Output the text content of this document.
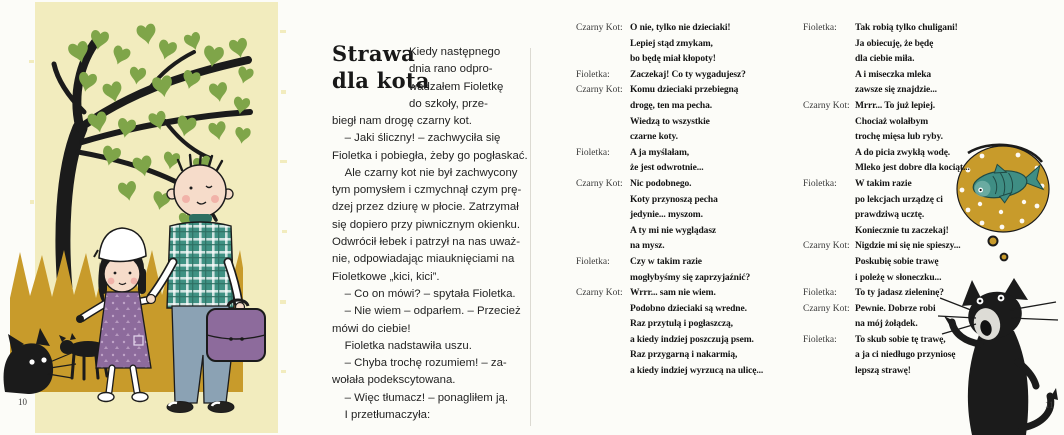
Strawa
dla kota
Kiedy następnego
dnia rano odpro-
wadzałem Fioletkę
do szkoły, prze-
biegł nam drogę czarny kot.
– Jaki śliczny! – zachwyciła się
Fioletka i pobiegła, żeby go pogłaskać.
Ale czarny kot nie był zachwycony
tym pomysłem i czmychnął czym prę-
dzej przez dziurę w płocie. Zatrzymał
się dopiero przy piwnicznym okienku.
Odwrócił łebek i patrzył na nas uważ-
nie, odpowiadając miauknięciami na
Fioletkowe „kici, kici”.
– Co on mówi? – spytała Fioletka.
– Nie wiem – odparłem. – Przecież
mówi do ciebie!
Fioletka nadstawiła uszu.
– Chyba trochę rozumiem! – za-
wołała podekscytowana.
– Więc tłumacz! – ponagliłem ją.
I przetłumaczyła:
10
Czarny Kot: O nie, tylko nie dzieciaki!
Lepiej stąd zmykam,
bo będę miał kłopoty!
Fioletka:	Zaczekaj! Co ty wygadujesz?
Czarny Kot: Komu dzieciaki przebiegną
drogę, ten ma pecha.
Wiedzą to wszystkie
czarne koty.
Fioletka:	A ja myślałam,
że jest odwrotnie...
Czarny Kot: Nic podobnego.
Koty przynoszą pecha
jedynie... myszom.
A ty mi nie wyglądasz
na mysz.
Fioletka:	Czy w takim razie
mogłybyśmy się zaprzyjaźnić?
Czarny Kot: Wrrr... sam nie wiem.
Podobno dzieciaki są wredne.
Raz przytulą i pogłaszczą,
a kiedy indziej poszczują psem.
Raz przygarną i nakarmią,
a kiedy indziej wyrzucą na ulicę...
Fioletka:	Tak robią tylko chuligani!
Ja obiecuję, że będę
dla ciebie miła.
A i miseczka mleka
zawsze się znajdzie...
Czarny Kot: Mrrr... To już lepiej.
Chociaż wolałbym
trochę mięsa lub ryby.
A do picia zwykłą wodę.
Mleko jest dobre dla kociąt...
Fioletka:	W takim razie
po lekcjach urządzę ci
prawdziwą ucztę.
Koniecznie tu zaczekaj!
Czarny Kot: Nigdzie mi się nie spieszy...
Poskubię sobie trawę
i poleżę w słoneczku...
Fioletka:	To ty jadasz zieleninę?
Czarny Kot: Pewnie. Dobrze robi
na mój żołądek.
Fioletka:	To skub sobie tę trawę,
a ja ci niedługo przyniosę
lepszą strawę!
11
